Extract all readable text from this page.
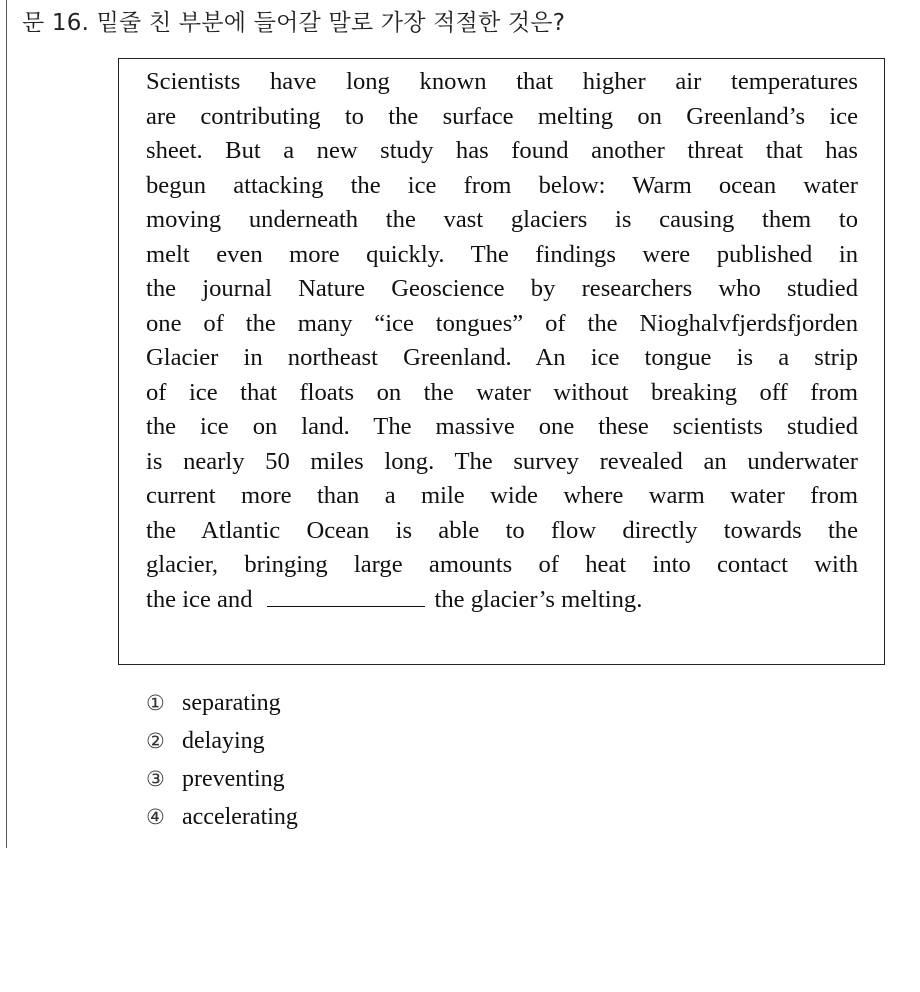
문 16. 밑줄 친 부분에 들어갈 말로 가장 적절한 것은?
Scientists have long known that higher air temperatures
are contributing to the surface melting on Greenland’s ice
sheet. But a new study has found another threat that has
begun attacking the ice from below: Warm ocean water
moving underneath the vast glaciers is causing them to
melt even more quickly. The findings were published in
the journal Nature Geoscience by researchers who studied
one of the many “ice tongues” of the Nioghalvfjerdsfjorden
Glacier in northeast Greenland. An ice tongue is a strip
of ice that floats on the water without breaking off from
the ice on land. The massive one these scientists studied
is nearly 50 miles long. The survey revealed an underwater
current more than a mile wide where warm water from
the Atlantic Ocean is able to flow directly towards the
glacier, bringing large amounts of heat into contact with
the ice and	the glacier’s melting.
① separating
② delaying
③ preventing
④ accelerating
